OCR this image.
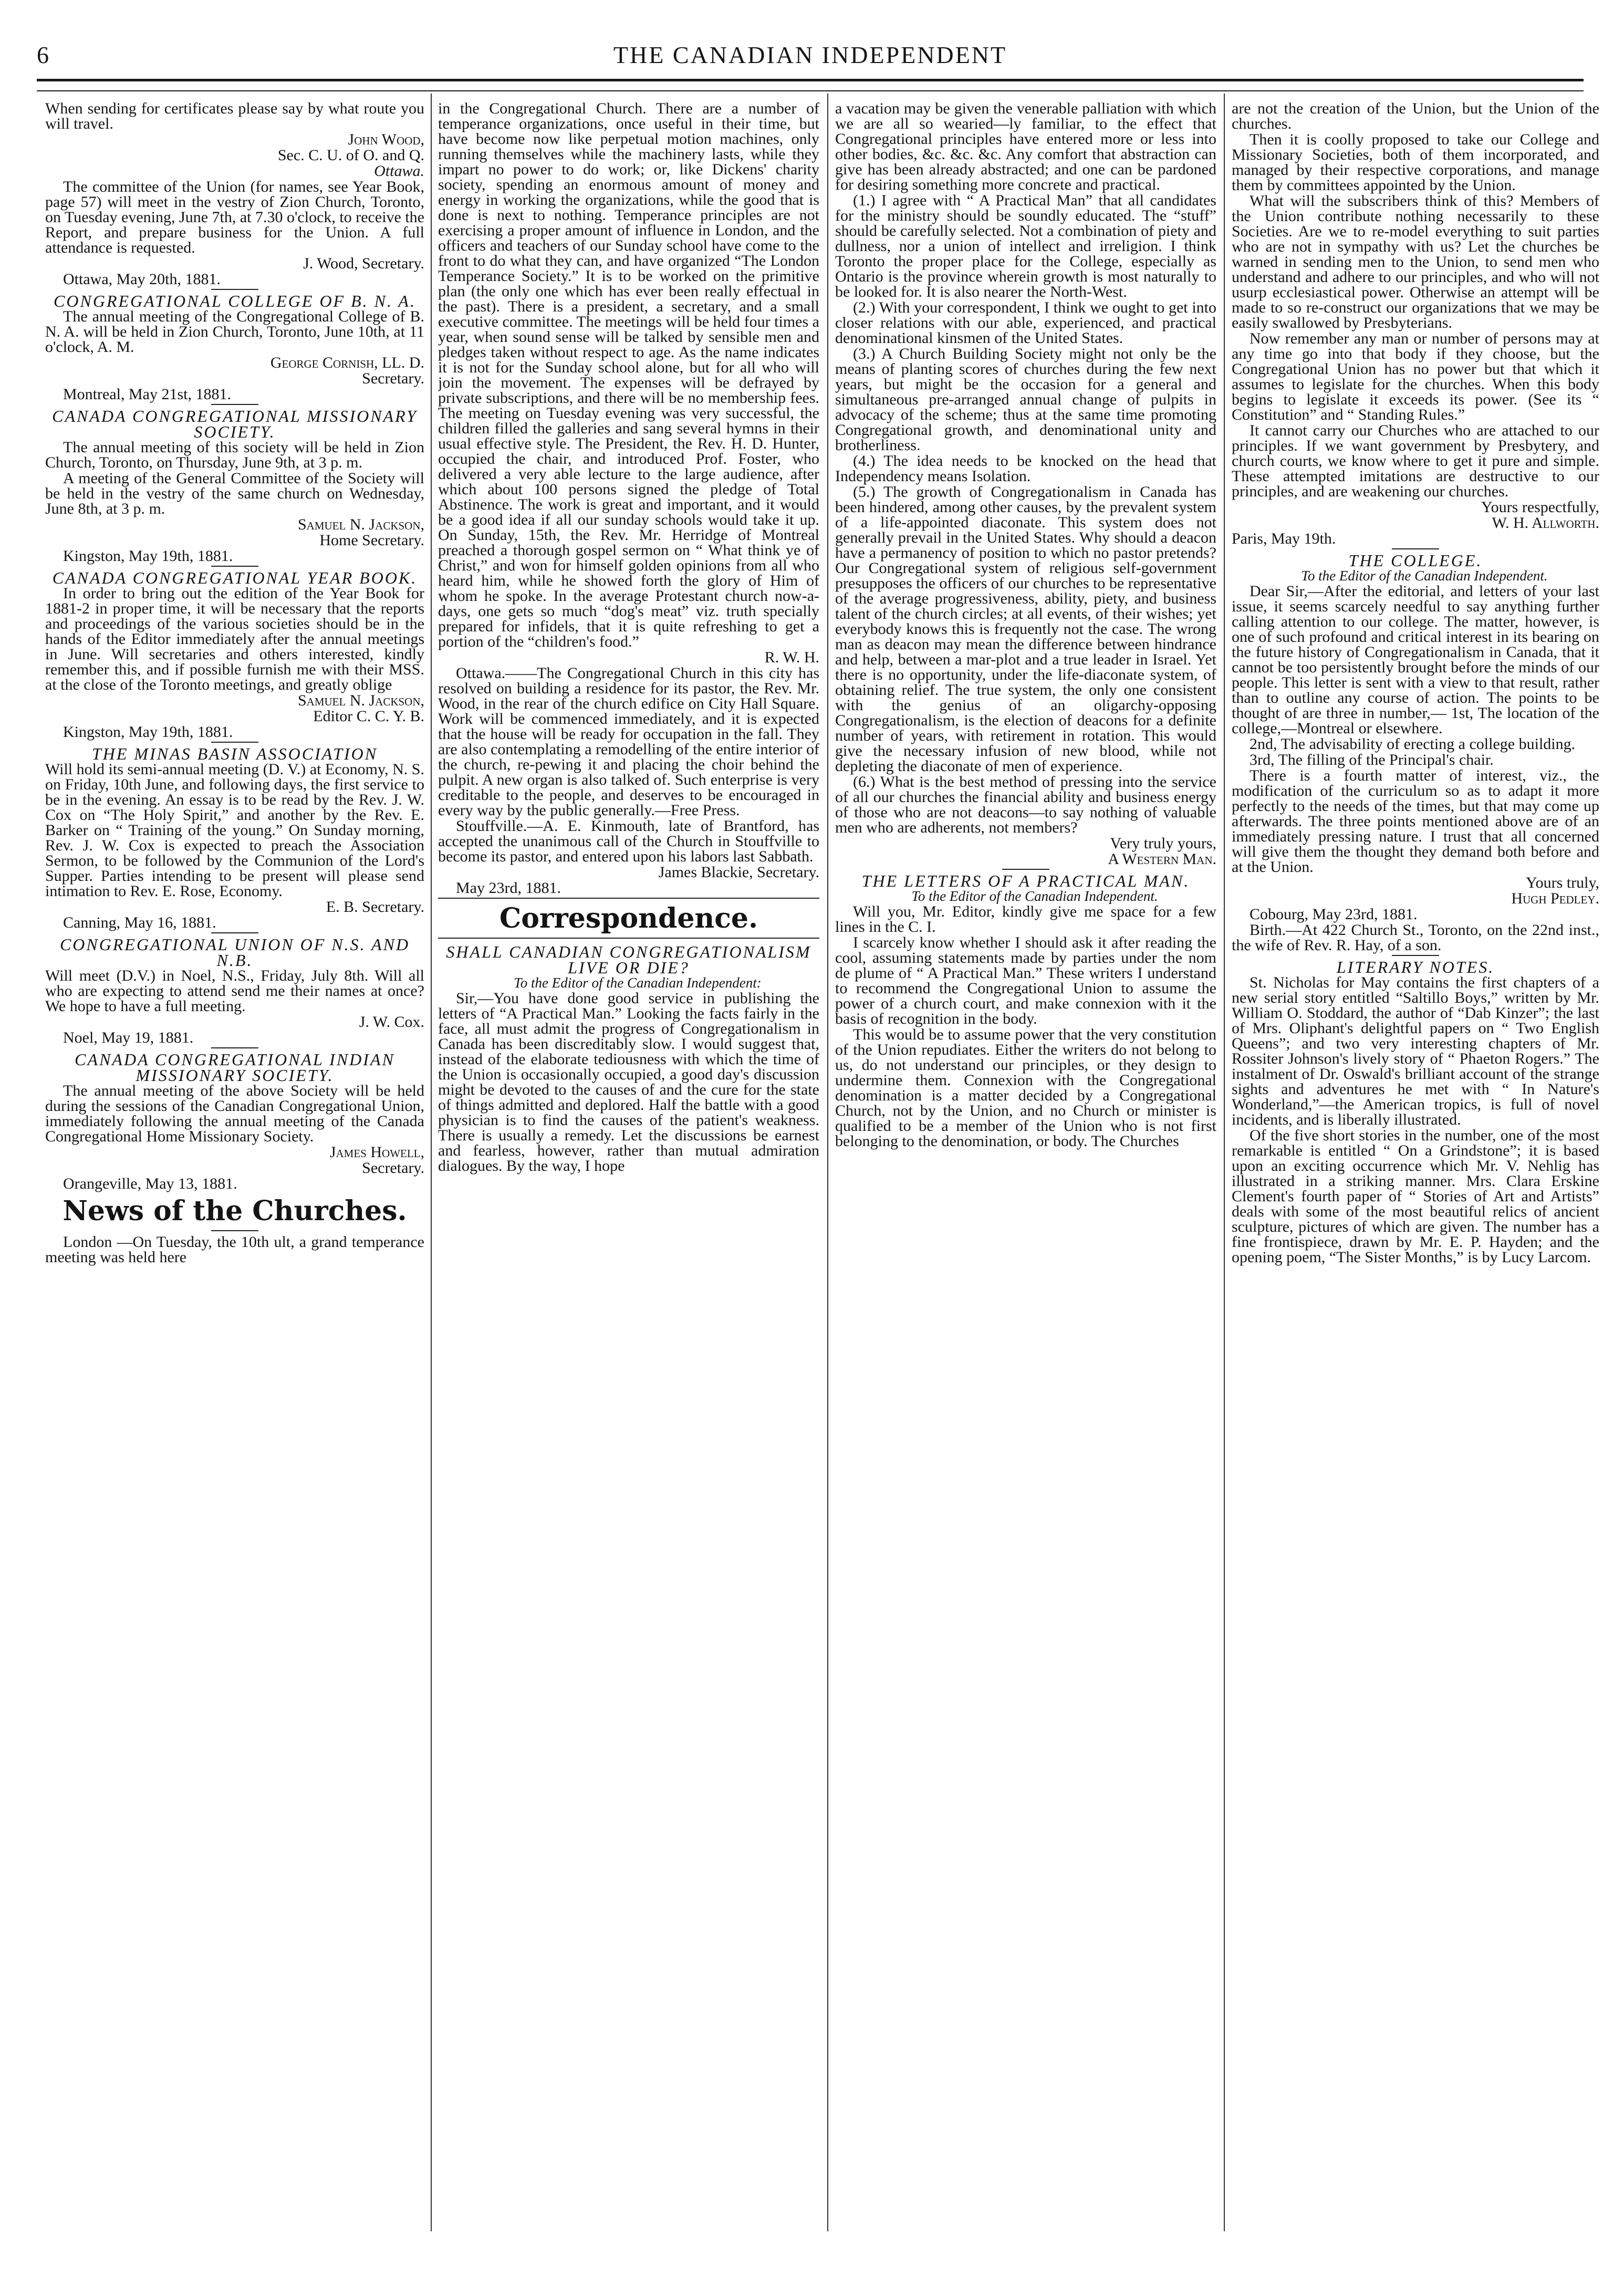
6	THE CANADIAN INDEPENDENT

When sending for certificates please say by what route you will travel.

John Wood,

Sec. C. U. of O. and Q.

Ottawa.

The committee of the Union (for names, see Year Book, page 57) will meet in the vestry of Zion Church, Toronto, on Tuesday evening, June 7th, at 7.30 o'clock, to receive the Report, and prepare business for the Union. A full attendance is requested.

J. Wood, Secretary.

Ottawa, May 20th, 1881.

CONGREGATIONAL COLLEGE OF B. N. A.

The annual meeting of the Congregational College of B. N. A. will be held in Zion Church, Toronto, June 10th, at 11 o'clock, A. M.

George Cornish, LL. D.

Secretary.

Montreal, May 21st, 1881.

CANADA CONGREGATIONAL MISSIONARY SOCIETY.

The annual meeting of this society will be held in Zion Church, Toronto, on Thursday, June 9th, at 3 p. m.

A meeting of the General Committee of the Society will be held in the vestry of the same church on Wednesday, June 8th, at 3 p. m.

Samuel N. Jackson,

Home Secretary.

Kingston, May 19th, 1881.

CANADA CONGREGATIONAL YEAR BOOK.

In order to bring out the edition of the Year Book for 1881-2 in proper time, it will be necessary that the reports and proceedings of the various societies should be in the hands of the Editor immediately after the annual meetings in June. Will secretaries and others interested, kindly remember this, and if possible furnish me with their MSS. at the close of the Toronto meetings, and greatly oblige

Samuel N. Jackson,

Editor C. C. Y. B.

Kingston, May 19th, 1881.

THE MINAS BASIN ASSOCIATION

Will hold its semi-annual meeting (D. V.) at Economy, N. S. on Friday, 10th June, and following days, the first service to be in the evening. An essay is to be read by the Rev. J. W. Cox on “The Holy Spirit,” and another by the Rev. E. Barker on “ Training of the young.” On Sunday morning, Rev. J. W. Cox is expected to preach the Association Sermon, to be followed by the Communion of the Lord's Supper. Parties intending to be present will please send intimation to Rev. E. Rose, Economy.

E. B. Secretary.

Canning, May 16, 1881.

CONGREGATIONAL UNION OF N.S. AND N.B.

Will meet (D.V.) in Noel, N.S., Friday, July 8th. Will all who are expecting to attend send me their names at once? We hope to have a full meeting.

J. W. Cox.

Noel, May 19, 1881.

CANADA CONGREGATIONAL INDIAN MISSIONARY SOCIETY.

The annual meeting of the above Society will be held during the sessions of the Canadian Congregational Union, immediately following the annual meeting of the Canada Congregational Home Missionary Society.

James Howell,

Secretary.

Orangeville, May 13, 1881.

News of the Churches.

London —On Tuesday, the 10th ult, a grand temperance meeting was held here

in the Congregational Church. There are a number of temperance organizations, once useful in their time, but have become now like perpetual motion machines, only running themselves while the machinery lasts, while they impart no power to do work; or, like Dickens' charity society, spending an enormous amount of money and energy in working the organizations, while the good that is done is next to nothing. Temperance principles are not exercising a proper amount of influence in London, and the officers and teachers of our Sunday school have come to the front to do what they can, and have organized “The London Temperance Society.” It is to be worked on the primitive plan (the only one which has ever been really effectual in the past). There is a president, a secretary, and a small executive committee. The meetings will be held four times a year, when sound sense will be talked by sensible men and pledges taken without respect to age. As the name indicates it is not for the Sunday school alone, but for all who will join the movement. The expenses will be defrayed by private subscriptions, and there will be no membership fees. The meeting on Tuesday evening was very successful, the children filled the galleries and sang several hymns in their usual effective style. The President, the Rev. H. D. Hunter, occupied the chair, and introduced Prof. Foster, who delivered a very able lecture to the large audience, after which about 100 persons signed the pledge of Total Abstinence. The work is great and important, and it would be a good idea if all our sunday schools would take it up. On Sunday, 15th, the Rev. Mr. Herridge of Montreal preached a thorough gospel sermon on “ What think ye of Christ,” and won for himself golden opinions from all who heard him, while he showed forth the glory of Him of whom he spoke. In the average Protestant church now-a-days, one gets so much “dog's meat” viz. truth specially prepared for infidels, that it is quite refreshing to get a portion of the “children's food.”

R. W. H.

Ottawa.——The Congregational Church in this city has resolved on building a residence for its pastor, the Rev. Mr. Wood, in the rear of the church edifice on City Hall Square. Work will be commenced immediately, and it is expected that the house will be ready for occupation in the fall. They are also contemplating a remodelling of the entire interior of the church, re-pewing it and placing the choir behind the pulpit. A new organ is also talked of. Such enterprise is very creditable to the people, and deserves to be encouraged in every way by the public generally.—Free Press.

Stouffville.—A. E. Kinmouth, late of Brantford, has accepted the unanimous call of the Church in Stouffville to become its pastor, and entered upon his labors last Sabbath.

James Blackie, Secretary.

May 23rd, 1881.

Correspondence.
SHALL CANADIAN CONGREGATIONALISM LIVE OR DIE?

To the Editor of the Canadian Independent:

Sir,—You have done good service in publishing the letters of “A Practical Man.” Looking the facts fairly in the face, all must admit the progress of Congregationalism in Canada has been discreditably slow. I would suggest that, instead of the elaborate tediousness with which the time of the Union is occasionally occupied, a good day's discussion might be devoted to the causes of and the cure for the state of things admitted and deplored. Half the battle with a good physician is to find the causes of the patient's weakness. There is usually a remedy. Let the discussions be earnest and fearless, however, rather than mutual admiration dialogues. By the way, I hope

a vacation may be given the venerable palliation with which we are all so wearied—ly familiar, to the effect that Congregational principles have entered more or less into other bodies, &c. &c. &c. Any comfort that abstraction can give has been already abstracted; and one can be pardoned for desiring something more concrete and practical.

(1.) I agree with “ A Practical Man” that all candidates for the ministry should be soundly educated. The “stuff” should be carefully selected. Not a combination of piety and dullness, nor a union of intellect and irreligion. I think Toronto the proper place for the College, especially as Ontario is the province wherein growth is most naturally to be looked for. It is also nearer the North-West.

(2.) With your correspondent, I think we ought to get into closer relations with our able, experienced, and practical denominational kinsmen of the United States.

(3.) A Church Building Society might not only be the means of planting scores of churches during the few next years, but might be the occasion for a general and simultaneous pre-arranged annual change of pulpits in advocacy of the scheme; thus at the same time promoting Congregational growth, and denominational unity and brotherliness.

(4.) The idea needs to be knocked on the head that Independency means Isolation.

(5.) The growth of Congregationalism in Canada has been hindered, among other causes, by the prevalent system of a life-appointed diaconate. This system does not generally prevail in the United States. Why should a deacon have a permanency of position to which no pastor pretends? Our Congregational system of religious self-government presupposes the officers of our churches to be representative of the average progressiveness, ability, piety, and business talent of the church circles; at all events, of their wishes; yet everybody knows this is frequently not the case. The wrong man as deacon may mean the difference between hindrance and help, between a mar-plot and a true leader in Israel. Yet there is no opportunity, under the life-diaconate system, of obtaining relief. The true system, the only one consistent with the genius of an oligarchy-opposing Congregationalism, is the election of deacons for a definite number of years, with retirement in rotation. This would give the necessary infusion of new blood, while not depleting the diaconate of men of experience.

(6.) What is the best method of pressing into the service of all our churches the financial ability and business energy of those who are not deacons—to say nothing of valuable men who are adherents, not members?

Very truly yours,

A Western Man.

THE LETTERS OF A PRACTICAL MAN.

To the Editor of the Canadian Independent.

Will you, Mr. Editor, kindly give me space for a few lines in the C. I.

I scarcely know whether I should ask it after reading the cool, assuming statements made by parties under the nom de plume of “ A Practical Man.” These writers I understand to recommend the Congregational Union to assume the power of a church court, and make connexion with it the basis of recognition in the body.

This would be to assume power that the very constitution of the Union repudiates. Either the writers do not belong to us, do not understand our principles, or they design to undermine them. Connexion with the Congregational denomination is a matter decided by a Congregational Church, not by the Union, and no Church or minister is qualified to be a member of the Union who is not first belonging to the denomination, or body. The Churches

are not the creation of the Union, but the Union of the churches.

Then it is coolly proposed to take our College and Missionary Societies, both of them incorporated, and managed by their respective corporations, and manage them by committees appointed by the Union.

What will the subscribers think of this? Members of the Union contribute nothing necessarily to these Societies. Are we to re-model everything to suit parties who are not in sympathy with us? Let the churches be warned in sending men to the Union, to send men who understand and adhere to our principles, and who will not usurp ecclesiastical power. Otherwise an attempt will be made to so re-construct our organizations that we may be easily swallowed by Presbyterians.

Now remember any man or number of persons may at any time go into that body if they choose, but the Congregational Union has no power but that which it assumes to legislate for the churches. When this body begins to legislate it exceeds its power. (See its “ Constitution” and “ Standing Rules.”

It cannot carry our Churches who are attached to our principles. If we want government by Presbytery, and church courts, we know where to get it pure and simple. These attempted imitations are destructive to our principles, and are weakening our churches.

Yours respectfully,

W. H. Allworth.

Paris, May 19th.

THE COLLEGE.

To the Editor of the Canadian Independent.

Dear Sir,—After the editorial, and letters of your last issue, it seems scarcely needful to say anything further calling attention to our college. The matter, however, is one of such profound and critical interest in its bearing on the future history of Congregationalism in Canada, that it cannot be too persistently brought before the minds of our people. This letter is sent with a view to that result, rather than to outline any course of action. The points to be thought of are three in number,— 1st, The location of the college,—Montreal or elsewhere.

2nd, The advisability of erecting a college building.

3rd, The filling of the Principal's chair.

There is a fourth matter of interest, viz., the modification of the curriculum so as to adapt it more perfectly to the needs of the times, but that may come up afterwards. The three points mentioned above are of an immediately pressing nature. I trust that all concerned will give them the thought they demand both before and at the Union.

Yours truly,

Hugh Pedley.

Cobourg, May 23rd, 1881.

Birth.—At 422 Church St., Toronto, on the 22nd inst., the wife of Rev. R. Hay, of a son.

LITERARY NOTES.

St. Nicholas for May contains the first chapters of a new serial story entitled “Saltillo Boys,” written by Mr. William O. Stoddard, the author of “Dab Kinzer”; the last of Mrs. Oliphant's delightful papers on “ Two English Queens”; and two very interesting chapters of Mr. Rossiter Johnson's lively story of “ Phaeton Rogers.” The instalment of Dr. Oswald's brilliant account of the strange sights and adventures he met with “ In Nature's Wonderland,”—the American tropics, is full of novel incidents, and is liberally illustrated.

Of the five short stories in the number, one of the most remarkable is entitled “ On a Grindstone”; it is based upon an exciting occurrence which Mr. V. Nehlig has illustrated in a striking manner. Mrs. Clara Erskine Clement's fourth paper of “ Stories of Art and Artists” deals with some of the most beautiful relics of ancient sculpture, pictures of which are given. The number has a fine frontispiece, drawn by Mr. E. P. Hayden; and the opening poem, “The Sister Months,” is by Lucy Larcom.
